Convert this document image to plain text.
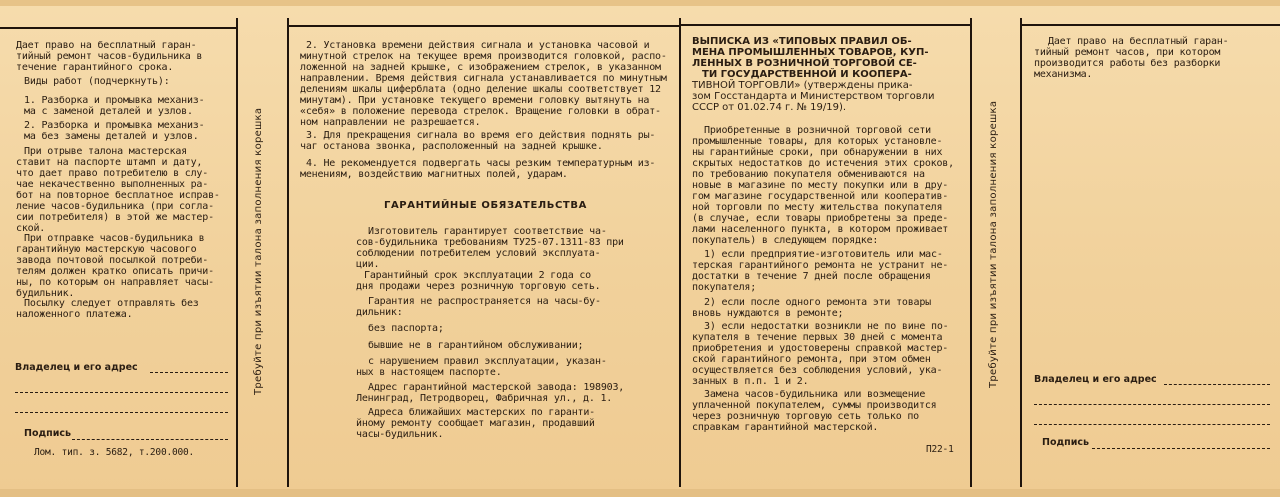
Дает право на бесплатный гаран-
тийный ремонт часов-будильника в
течение гарантийного срока.
Виды работ (подчеркнуть):
1. Разборка и промывка механиз-
ма с заменой деталей и узлов.
2. Разборка и промывка механиз-
ма без замены деталей и узлов.
При отрыве талона мастерская
ставит на паспорте штамп и дату,
что дает право потребителю в слу-
чае некачественно выполненных ра-
бот на повторное бесплатное исправ-
ление часов-будильника (при согла-
сии потребителя) в этой же мастер-
ской.
При отправке часов-будильника в
гарантийную мастерскую часового
завода почтовой посылкой потреби-
телям должен кратко описать причи-
ны, по которым он направляет часы-
будильник.
Посылку следует отправлять без
наложенного платежа.
Владелец и его адрес
Подпись
Лом. тип. з. 5682, т.200.000.
Требуйте при изъятии талона заполнения корешка
2. Установка времени действия сигнала и установка часовой и
минутной стрелок на текущее время производится головкой, распо-
ложенной на задней крышке, с изображением стрелок, в указанном
направлении. Время действия сигнала устанавливается по минутным
делениям шкалы циферблата (одно деление шкалы соответствует 12
минутам). При установке текущего времени головку вытянуть на
«себя» в положение перевода стрелок. Вращение головки в обрат-
ном направлении не разрешается.
3. Для прекращения сигнала во время его действия поднять ры-
чаг останова звонка, расположенный на задней крышке.
4. Не рекомендуется подвергать часы резким температурным из-
менениям, воздействию магнитных полей, ударам.
ГАРАНТИЙНЫЕ ОБЯЗАТЕЛЬСТВА
Изготовитель гарантирует соответствие ча-
сов-будильника требованиям ТУ25-07.1311-83 при
соблюдении потребителем условий эксплуата-
ции.
Гарантийный срок эксплуатации 2 года со
дня продажи через розничную торговую сеть.
Гарантия не распространяется на часы-бу-
дильник:
без паспорта;
бывшие не в гарантийном обслуживании;
с нарушением правил эксплуатации, указан-
ных в настоящем паспорте.
Адрес гарантийной мастерской завода: 198903,
Ленинград, Петродворец, Фабричная ул., д. 1.
Адреса ближайших мастерских по гаранти-
йному ремонту сообщает магазин, продавший
часы-будильник.
ВЫПИСКА ИЗ «ТИПОВЫХ ПРАВИЛ ОБ-
МЕНА ПРОМЫШЛЕННЫХ ТОВАРОВ, КУП-
ЛЕННЫХ В РОЗНИЧНОЙ ТОРГОВОЙ СЕ-
ТИ ГОСУДАРСТВЕННОЙ И КООПЕРА-
ТИВНОЙ ТОРГОВЛИ» (утверждены прика-
зом Госстандарта и Министерством торговли
СССР от 01.02.74 г. № 19/19).
Приобретенные в розничной торговой сети
промышленные товары, для которых установле-
ны гарантийные сроки, при обнаружении в них
скрытых недостатков до истечения этих сроков,
по требованию покупателя обмениваются на
новые в магазине по месту покупки или в дру-
гом магазине государственной или кооператив-
ной торговли по месту жительства покупателя
(в случае, если товары приобретены за преде-
лами населенного пункта, в котором проживает
покупатель) в следующем порядке:
1) если предприятие-изготовитель или мас-
терская гарантийного ремонта не устранит не-
достатки в течение 7 дней после обращения
покупателя;
2) если после одного ремонта эти товары
вновь нуждаются в ремонте;
3) если недостатки возникли не по вине по-
купателя в течение первых 30 дней с момента
приобретения и удостоверены справкой мастер-
ской гарантийного ремонта, при этом обмен
осуществляется без соблюдения условий, ука-
занных в п.п. 1 и 2.
Замена часов-будильника или возмещение
уплаченной покупателем, суммы производится
через розничную торговую сеть только по
справкам гарантийной мастерской.
П22-1
Требуйте при изъятии талона заполнения корешка
Дает право на бесплатный гаран-
тийный ремонт часов, при котором
производится работы без разборки
механизма.
Владелец и его адрес
Подпись
